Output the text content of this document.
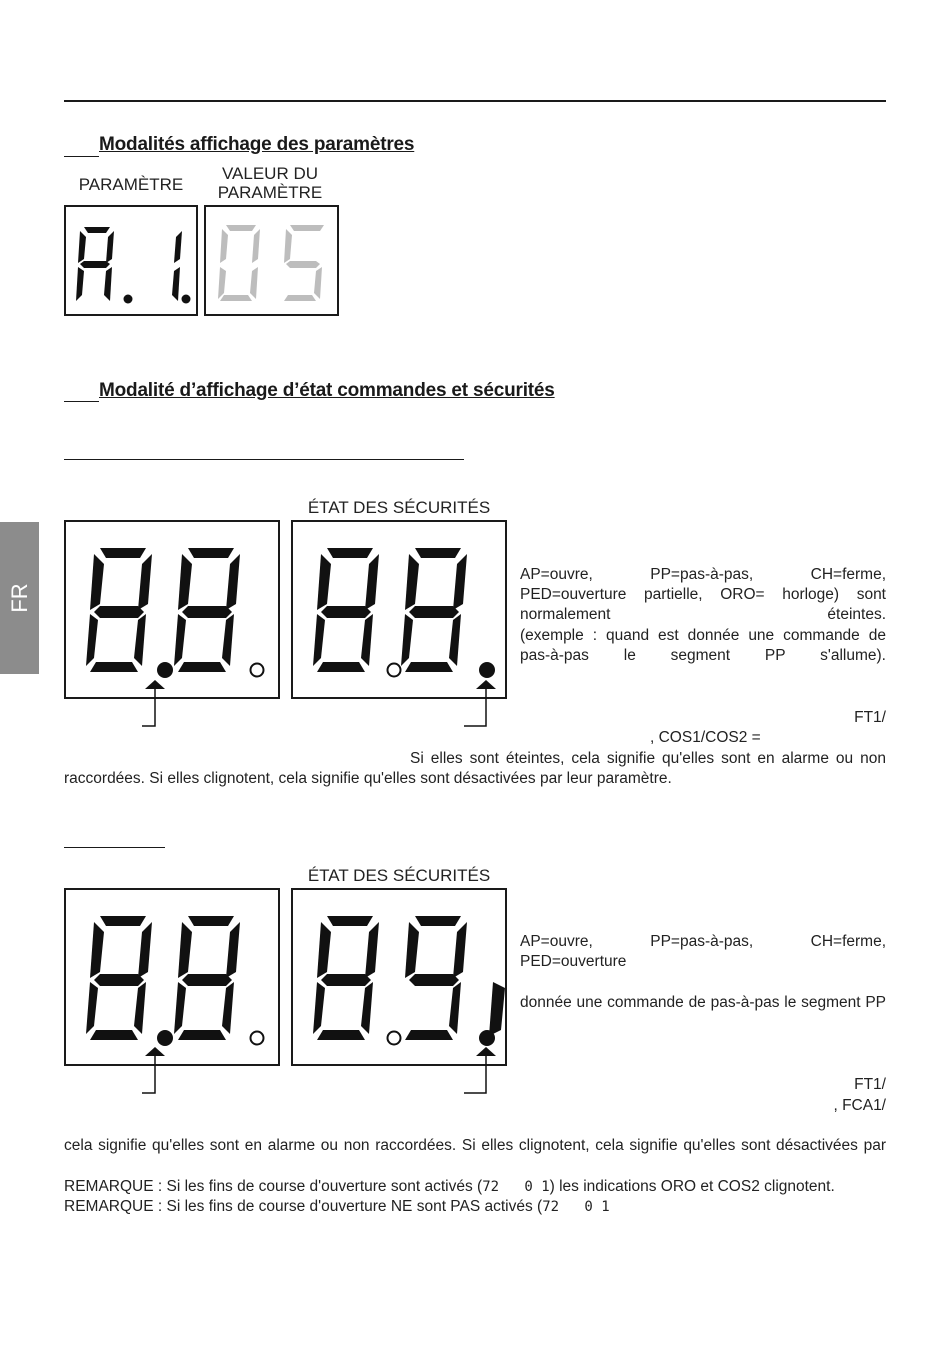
FR
Modalités affichage des paramètres
PARAMÈTRE
VALEUR DU PARAMÈTRE
Modalité d’affichage d’état commandes et sécurités
ÉTAT DES SÉCURITÉS
AP=ouvre, PP=pas-à-pas, CH=ferme, PED=ouverture partielle, ORO= horloge) sont normalement éteintes.
(exemple : quand est donnée une commande de pas-à-pas le segment PP s'allume).
FT1/
, COS1/COS2 =
Si elles sont éteintes, cela signifie qu'elles sont en alarme ou non
raccordées. Si elles clignotent, cela signifie qu'elles sont désactivées par leur paramètre.
ÉTAT DES SÉCURITÉS
FCA1
AP=ouvre, PP=pas-à-pas, CH=ferme, PED=ouverture
donnée une commande de pas-à-pas le segment PP
FT1/
, FCA1/
cela signifie qu'elles sont en alarme ou non raccordées. Si elles clignotent, cela signifie qu'elles sont désactivées par
REMARQUE : Si les fins de course d'ouverture sont activés (72   0 1) les indications ORO et COS2 clignotent.
REMARQUE : Si les fins de course d'ouverture NE sont PAS activés (72   0 1
